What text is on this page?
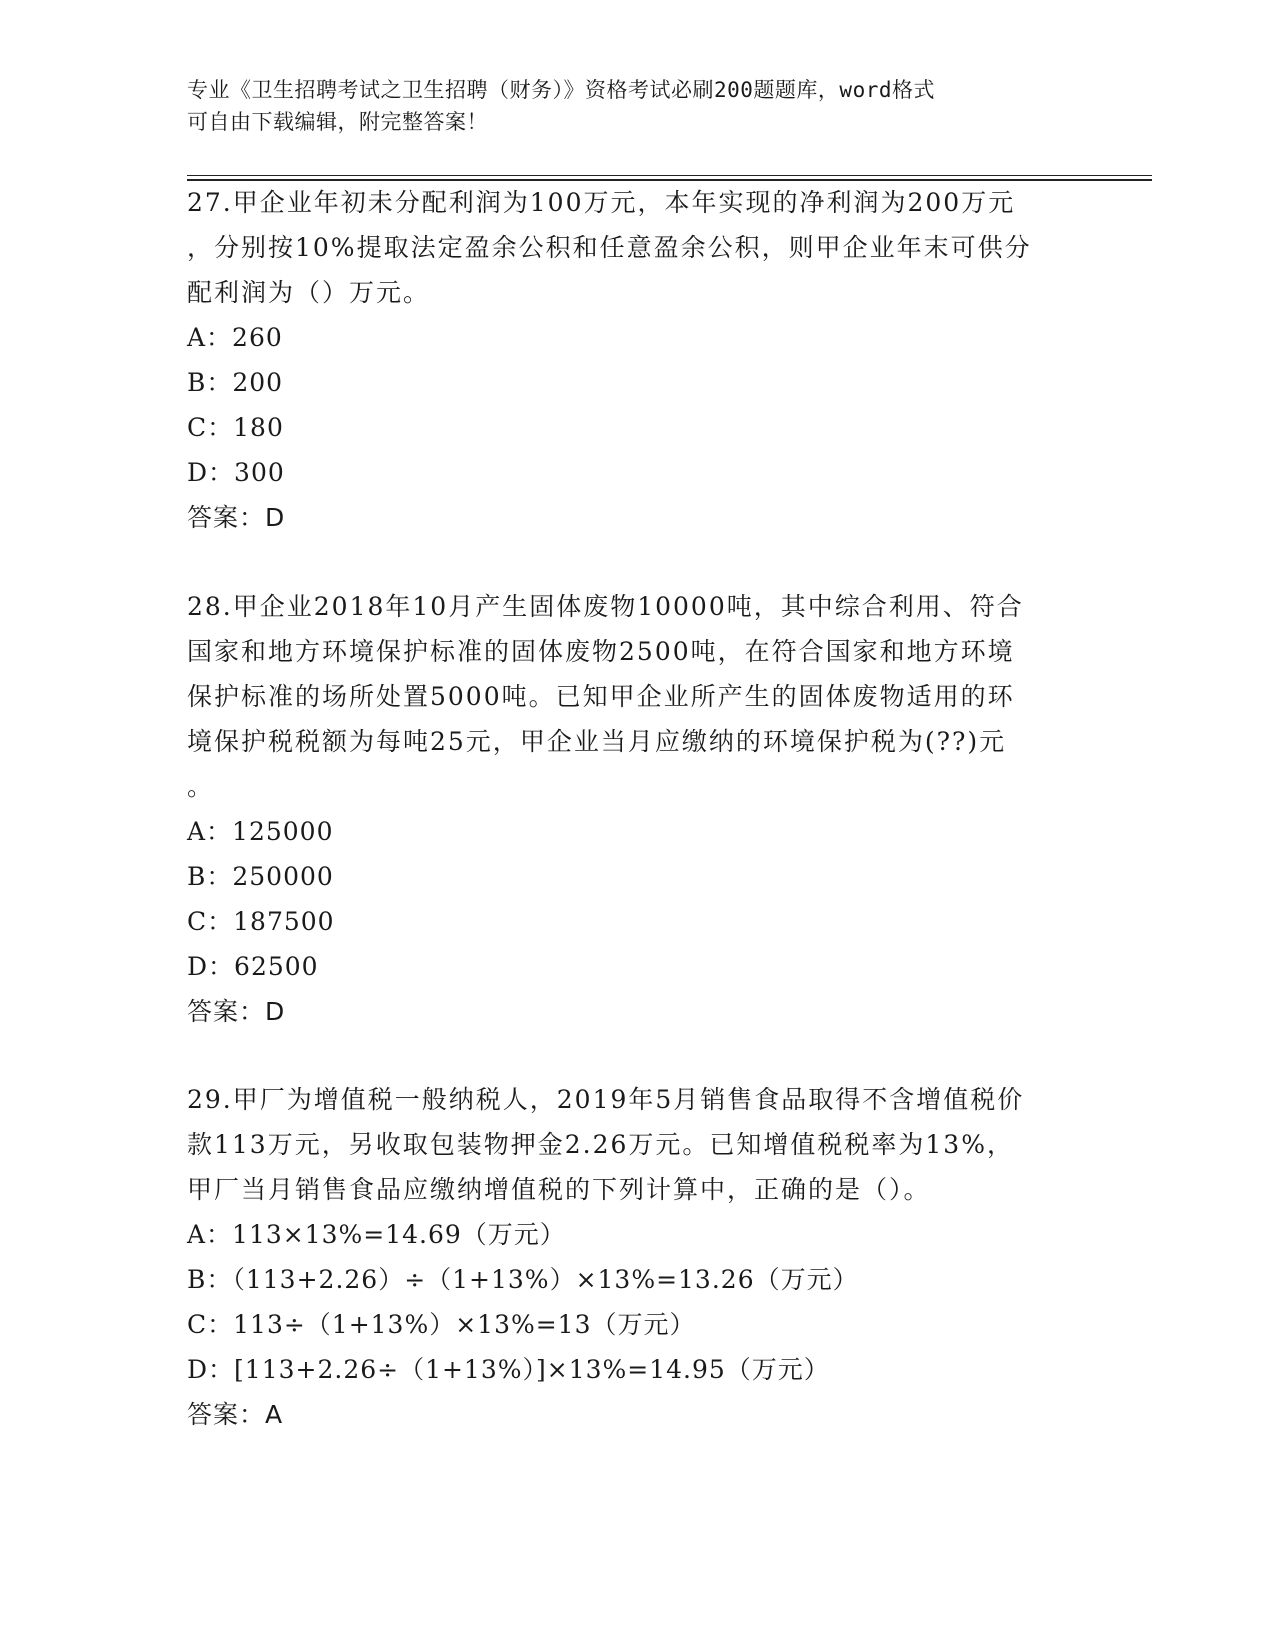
专业《卫生招聘考试之卫生招聘（财务）》资格考试必刷200题题库，word格式
可自由下载编辑，附完整答案！
27.甲企业年初未分配利润为100万元，本年实现的净利润为200万元
，分别按10%提取法定盈余公积和任意盈余公积，则甲企业年末可供分
配利润为（）万元。
A：260
B：200
C：180
D：300
答案：D
28.甲企业2018年10月产生固体废物10000吨，其中综合利用、符合
国家和地方环境保护标准的固体废物2500吨，在符合国家和地方环境
保护标准的场所处置5000吨。已知甲企业所产生的固体废物适用的环
境保护税税额为每吨25元，甲企业当月应缴纳的环境保护税为(??)元
。
A：125000
B：250000
C：187500
D：62500
答案：D
29.甲厂为增值税一般纳税人，2019年5月销售食品取得不含增值税价
款113万元，另收取包装物押金2.26万元。已知增值税税率为13%，
甲厂当月销售食品应缴纳增值税的下列计算中，正确的是（）。
A：113×13%=14.69（万元）
B：（113+2.26）÷（1+13%）×13%=13.26（万元）
C：113÷（1+13%）×13%=13（万元）
D：[113+2.26÷（1+13%）]×13%=14.95（万元）
答案：A
